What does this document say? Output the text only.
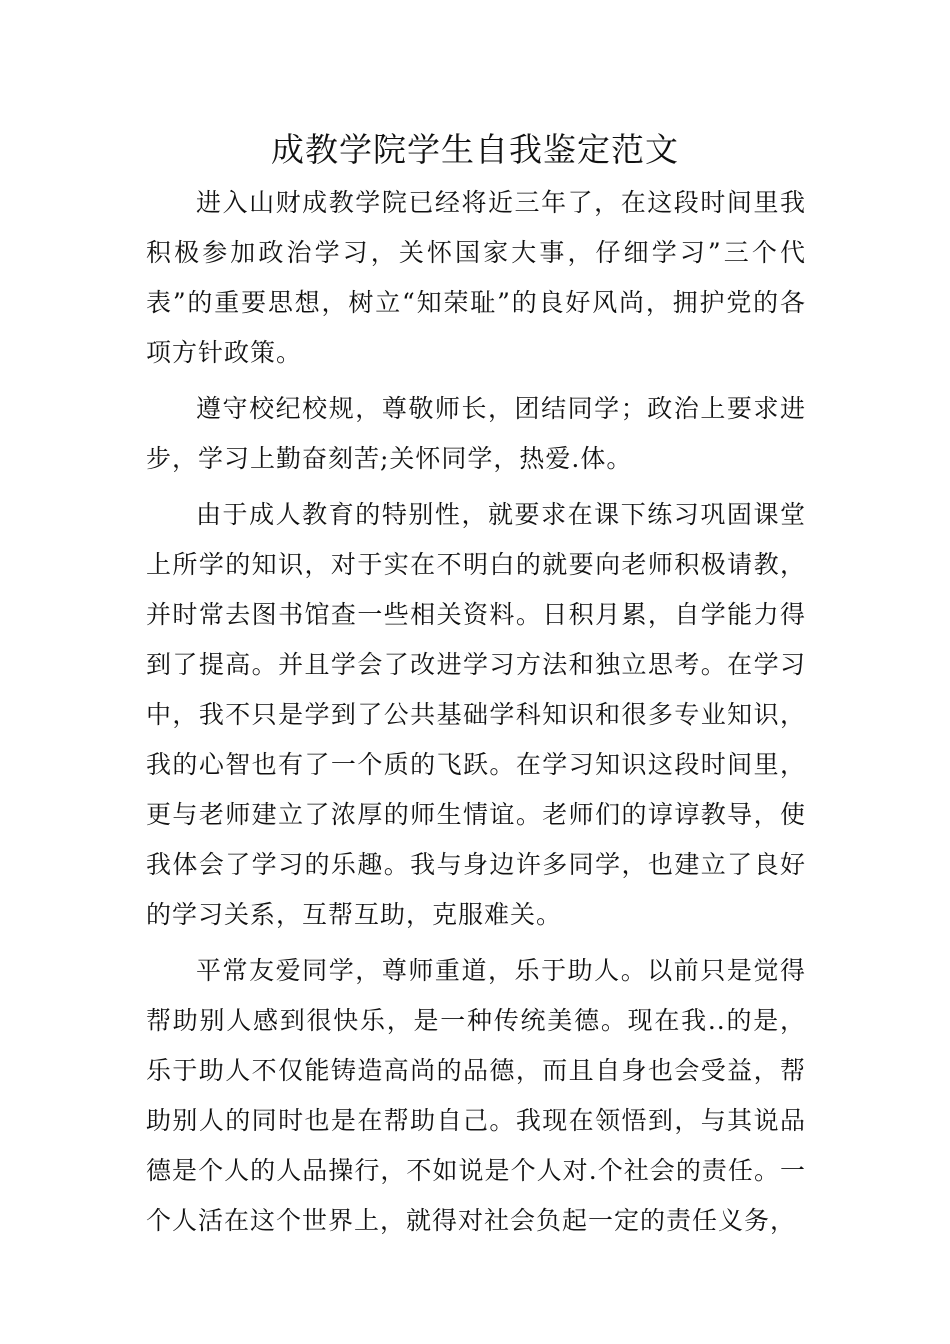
成教学院学生自我鉴定范文

进入山财成教学院已经将近三年了，在这段时间里我积极参加政治学习，关怀国家大事，仔细学习”三个代表”的重要思想，树立“知荣耻”的良好风尚，拥护党的各项方针政策。

遵守校纪校规，尊敬师长，团结同学；政治上要求进步，学习上勤奋刻苦;关怀同学，热爱.体。

由于成人教育的特别性，就要求在课下练习巩固课堂上所学的知识，对于实在不明白的就要向老师积极请教，并时常去图书馆查一些相关资料。日积月累，自学能力得到了提高。并且学会了改进学习方法和独立思考。在学习中，我不只是学到了公共基础学科知识和很多专业知识，我的心智也有了一个质的飞跃。在学习知识这段时间里，更与老师建立了浓厚的师生情谊。老师们的谆谆教导，使我体会了学习的乐趣。我与身边许多同学，也建立了良好的学习关系，互帮互助，克服难关。

平常友爱同学，尊师重道，乐于助人。以前只是觉得帮助别人感到很快乐，是一种传统美德。现在我..的是，乐于助人不仅能铸造高尚的品德，而且自身也会受益，帮助别人的同时也是在帮助自己。我现在领悟到，与其说品德是个人的人品操行，不如说是个人对.个社会的责任。一个人活在这个世界上，就得对社会负起一定的责任义务，
